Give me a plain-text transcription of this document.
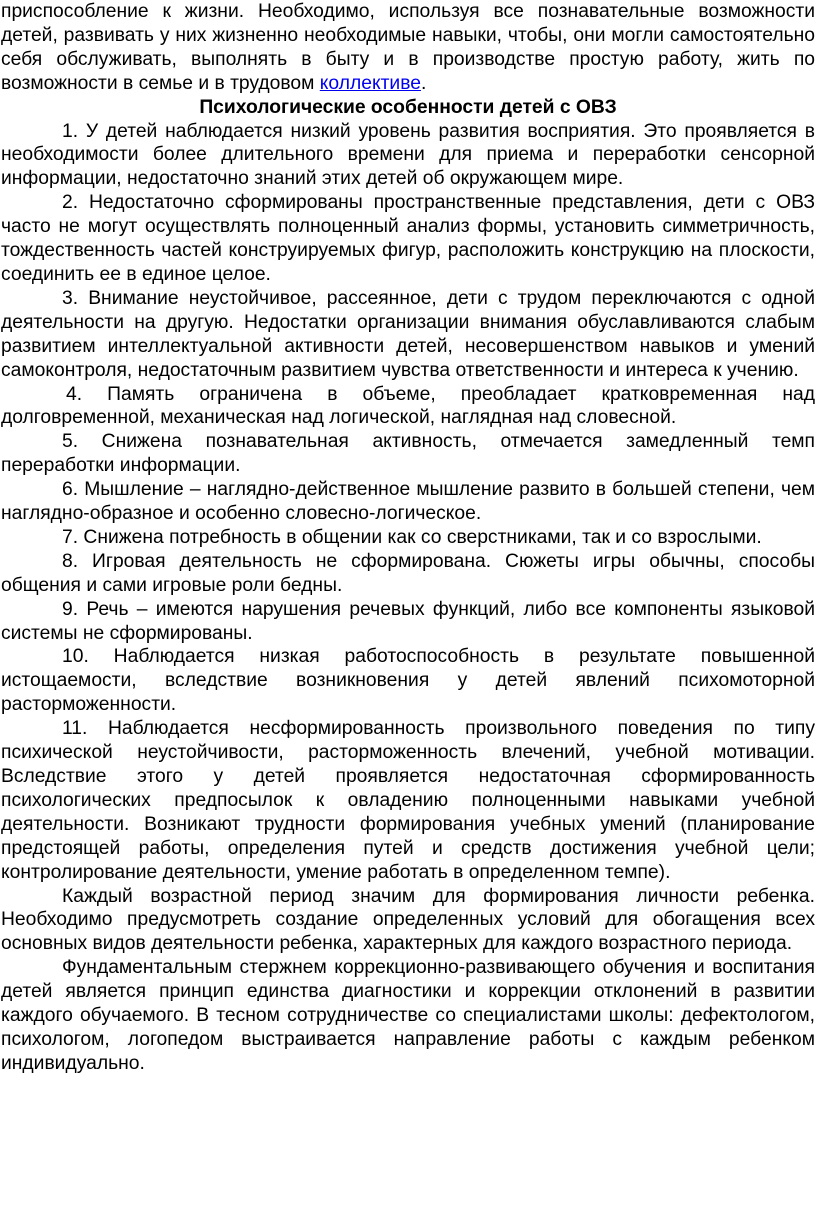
приспособление к жизни. Необходимо, используя все познавательные возможности детей, развивать у них жизненно необходимые навыки, чтобы, они могли самостоятельно себя обслуживать, выполнять в быту и в производстве простую работу, жить по возможности в семье и в трудовом коллективе.

Психологические особенности детей с ОВЗ

1. У детей наблюдается низкий уровень развития восприятия. Это проявляется в необходимости более длительного времени для приема и переработки сенсорной информации, недостаточно знаний этих детей об окружающем мире.

2. Недостаточно сформированы пространственные представления, дети с ОВЗ часто не могут осуществлять полноценный анализ формы, установить симметричность, тождественность частей конструируемых фигур, расположить конструкцию на плоскости, соединить ее в единое целое.

3. Внимание неустойчивое, рассеянное, дети с трудом переключаются с одной деятельности на другую. Недостатки организации внимания обуславливаются слабым развитием интеллектуальной активности детей, несовершенством навыков и умений самоконтроля, недостаточным развитием чувства ответственности и интереса к учению.

4. Память ограничена в объеме, преобладает кратковременная над долговременной, механическая над логической, наглядная над словесной.

5. Снижена познавательная активность, отмечается замедленный темп переработки информации.

6. Мышление – наглядно-действенное мышление развито в большей степени, чем наглядно-образное и особенно словесно-логическое.

7. Снижена потребность в общении как со сверстниками, так и со взрослыми.

8. Игровая деятельность не сформирована. Сюжеты игры обычны, способы общения и сами игровые роли бедны.

9. Речь – имеются нарушения речевых функций, либо все компоненты языковой системы не сформированы.

10. Наблюдается низкая работоспособность в результате повышенной истощаемости, вследствие возникновения у детей явлений психомоторной расторможенности.

11. Наблюдается несформированность произвольного поведения по типу психической неустойчивости, расторможенность влечений, учебной мотивации. Вследствие этого у детей проявляется недостаточная сформированность психологических предпосылок к овладению полноценными навыками учебной деятельности. Возникают трудности формирования учебных умений (планирование предстоящей работы, определения путей и средств достижения учебной цели; контролирование деятельности, умение работать в определенном темпе).

Каждый возрастной период значим для формирования личности ребенка. Необходимо предусмотреть создание определенных условий для обогащения всех основных видов деятельности ребенка, характерных для каждого возрастного периода.

Фундаментальным стержнем коррекционно-развивающего обучения и воспитания детей является принцип единства диагностики и коррекции отклонений в развитии каждого обучаемого. В тесном сотрудничестве со специалистами школы: дефектологом, психологом, логопедом выстраивается направление работы с каждым ребенком индивидуально.
